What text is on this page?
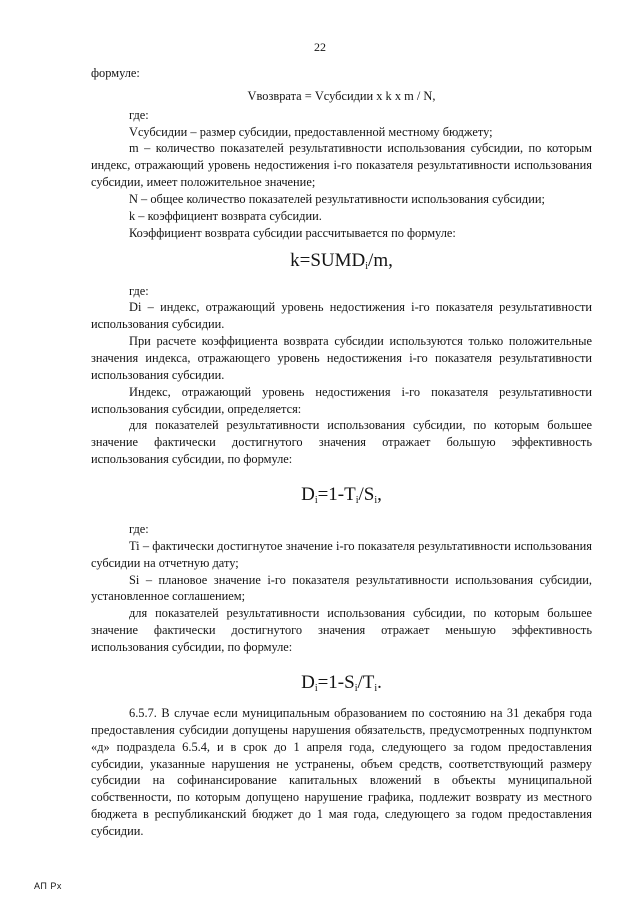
22

формуле:

Vвозврата = Vсубсидии x k x m / N,

где:

Vсубсидии – размер субсидии, предоставленной местному бюджету;

m – количество показателей результативности использования субсидии, по которым индекс, отражающий уровень недостижения i-го показателя результативности использования субсидии, имеет положительное значение;

N – общее количество показателей результативности использования субсидии;

k – коэффициент возврата субсидии.

Коэффициент возврата субсидии рассчитывается по формуле:

$k=SUMD_i/m$,

где:

Di – индекс, отражающий уровень недостижения i-го показателя результативности использования субсидии.

При расчете коэффициента возврата субсидии используются только положительные значения индекса, отражающего уровень недостижения i-го показателя результативности использования субсидии.

Индекс, отражающий уровень недостижения i-го показателя результативности использования субсидии, определяется:

для показателей результативности использования субсидии, по которым большее значение фактически достигнутого значения отражает большую эффективность использования субсидии, по формуле:

$D_i=1-T_i/S_i$,

где:

Ti – фактически достигнутое значение i-го показателя результативности использования субсидии на отчетную дату;

Si – плановое значение i-го показателя результативности использования субсидии, установленное соглашением;

для показателей результативности использования субсидии, по которым большее значение фактически достигнутого значения отражает меньшую эффективность использования субсидии, по формуле:

$D_i=1-S_i/T_i$.

6.5.7. В случае если муниципальным образованием по состоянию на 31 декабря года предоставления субсидии допущены нарушения обязательств, предусмотренных подпунктом «д» подраздела 6.5.4, и в срок до 1 апреля года, следующего за годом предоставления субсидии, указанные нарушения не устранены, объем средств, соответствующий размеру субсидии на софинансирование капитальных вложений в объекты муниципальной собственности, по которым допущено нарушение графика, подлежит возврату из местного бюджета в республиканский бюджет до 1 мая года, следующего за годом предоставления субсидии.

АП Рх
